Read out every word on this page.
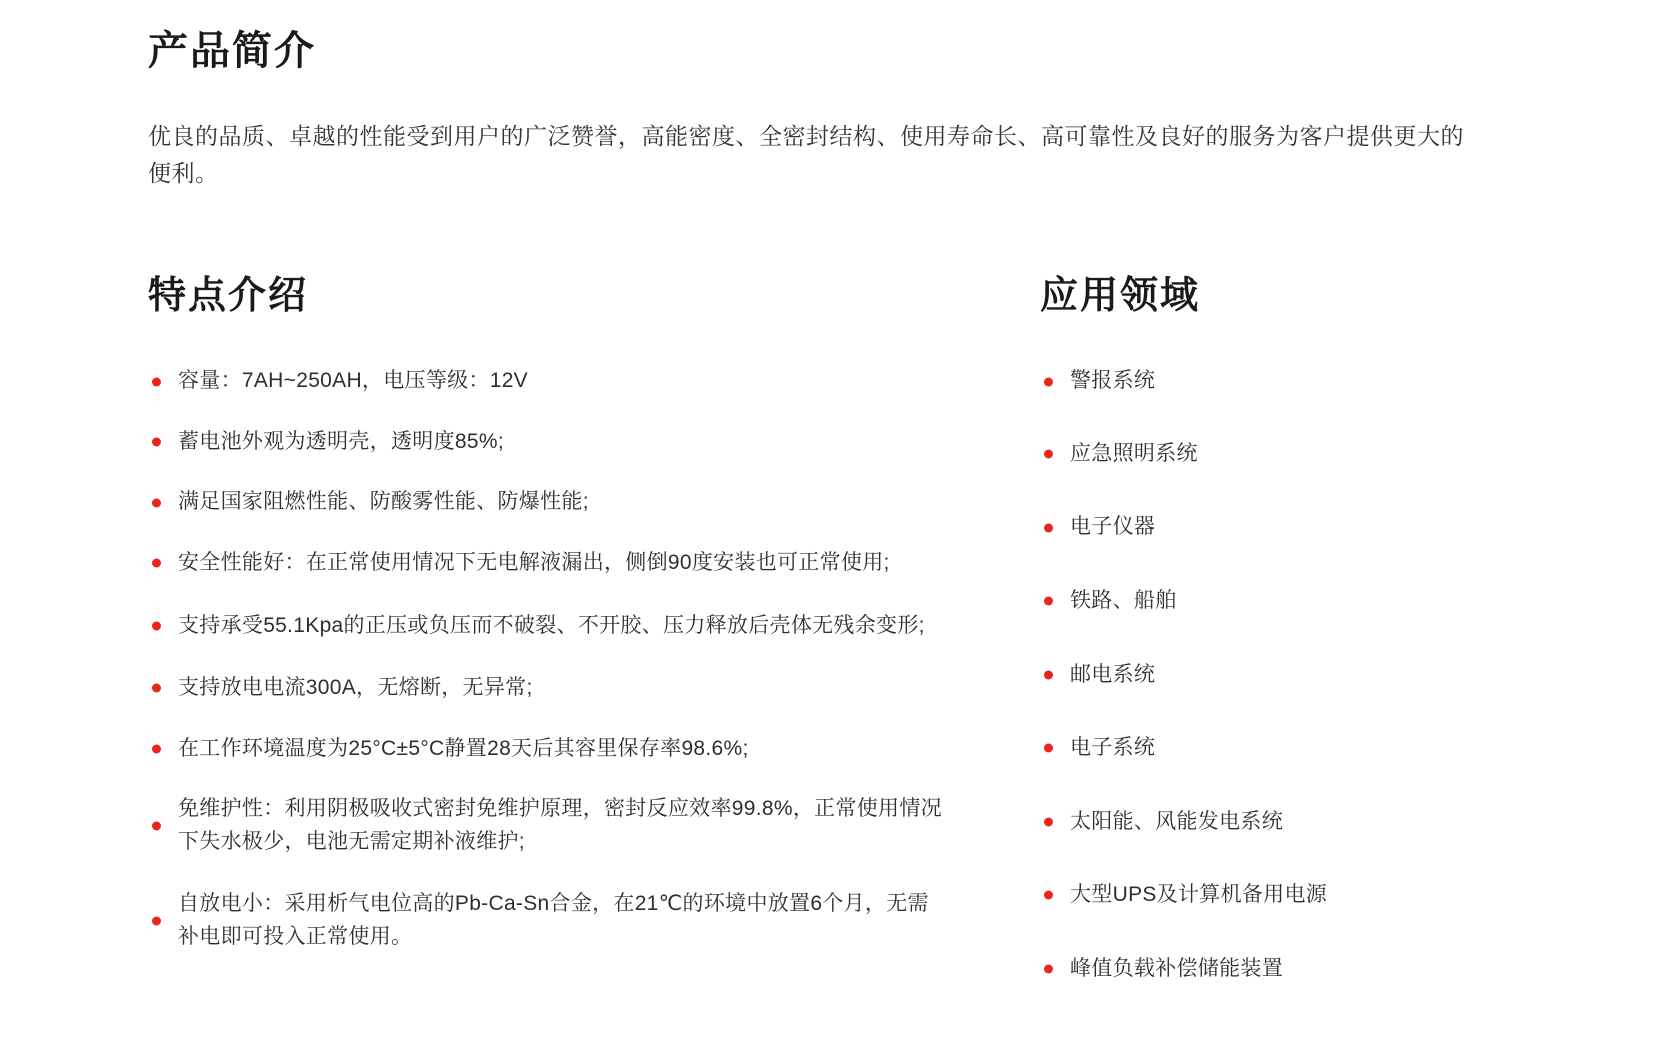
产品简介

优良的品质、卓越的性能受到用户的广泛赞誉，高能密度、全密封结构、使用寿命长、高可靠性及良好的服务为客户提供更大的便利。

特点介绍
容量：7AH~250AH，电压等级：12V
蓄电池外观为透明壳，透明度85%;
满足国家阻燃性能、防酸雾性能、防爆性能;
安全性能好：在正常使用情况下无电解液漏出，侧倒90度安装也可正常使用;
支持承受55.1Kpa的正压或负压而不破裂、不开胶、压力释放后壳体无残余变形;
支持放电电流300A，无熔断，无异常;
在工作环境温度为25°C±5°C静置28天后其容里保存率98.6%;
免维护性：利用阴极吸收式密封免维护原理，密封反应效率99.8%，正常使用情况下失水极少，电池无需定期补液维护;
自放电小：采用析气电位高的Pb-Ca-Sn合金，在21℃的环境中放置6个月，无需补电即可投入正常使用。
应用领域
警报系统
应急照明系统
电子仪器
铁路、船舶
邮电系统
电子系统
太阳能、风能发电系统
大型UPS及计算机备用电源
峰值负载补偿储能装置
